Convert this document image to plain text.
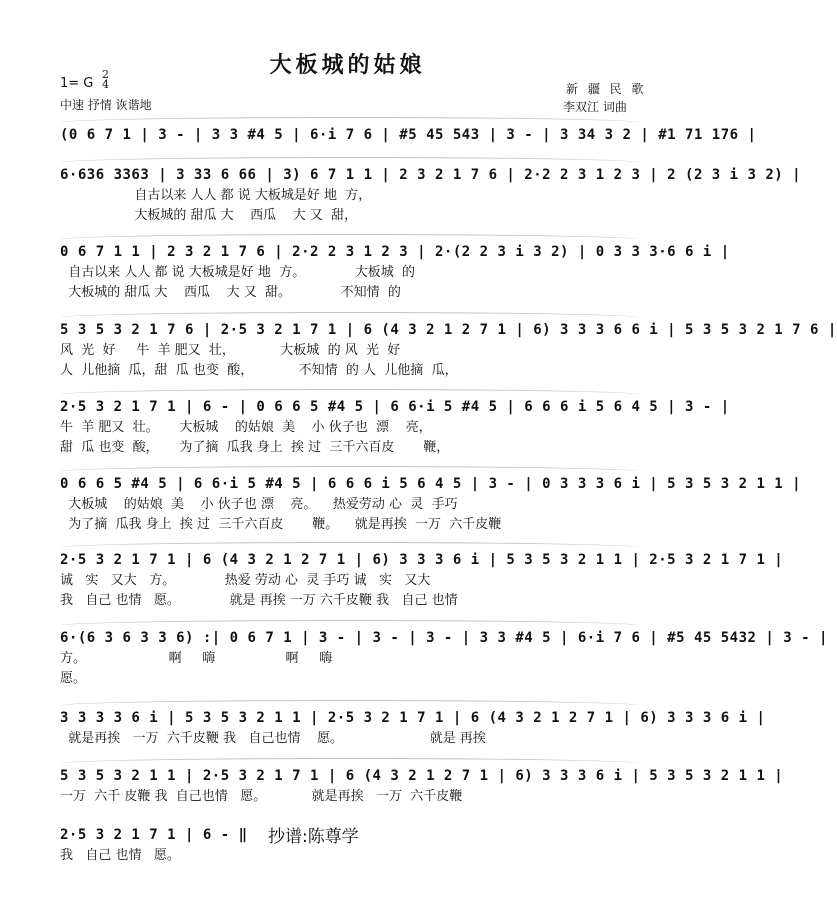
大板城的姑娘
1= G
2
4
中速 抒情 诙谐地
新 疆 民 歌
李双江 词曲
(0 6 7 1 | 3 - | 3 3 #4 5 | 6·i 7 6 | #5 45 543 | 3 - | 3 34 3 2 | #1 71 176 |
6·636 3363 | 3 33 6 66 | 3) 6 7 1 1 | 2 3 2 1 7 6 | 2·2 2 3 1 2 3 | 2 (2 3 i 3 2) |
自古以来 人人 都 说 大板城是好 地  方，
大板城的 甜瓜 大    西瓜    大 又  甜，
0 6 7 1 1 | 2 3 2 1 7 6 | 2·2 2 3 1 2 3 | 2·(2 2 3 i 3 2) | 0 3 3 3·6 6 i |
自古以来 人人 都 说 大板城是好 地  方。            大板城  的
大板城的 甜瓜 大    西瓜    大 又  甜。            不知情  的
5 3 5 3 2 1 7 6 | 2·5 3 2 1 7 1 | 6 (4 3 2 1 2 7 1 | 6) 3 3 3 6 6 i | 5 3 5 3 2 1 7 6 |
风  光  好     牛  羊 肥又  壮，           大板城  的 风  光  好
人  儿他摘  瓜，甜  瓜 也变  酸，           不知情  的 人  儿他摘  瓜，
2·5 3 2 1 7 1 | 6 - | 0 6 6 5 #4 5 | 6 6·i 5 #4 5 | 6 6 6 i 5 6 4 5 | 3 - |
牛  羊 肥又  壮。     大板城    的姑娘  美    小 伙子也  漂    亮，
甜  瓜 也变  酸，     为了摘  瓜我 身上  挨 过  三千六百皮       鞭，
0 6 6 5 #4 5 | 6 6·i 5 #4 5 | 6 6 6 i 5 6 4 5 | 3 - | 0 3 3 3 6 i | 5 3 5 3 2 1 1 |
大板城    的姑娘  美    小 伙子也 漂    亮。    热爱劳动 心  灵  手巧
为了摘  瓜我 身上  挨 过  三千六百皮       鞭。    就是再挨  一万  六千皮鞭
2·5 3 2 1 7 1 | 6 (4 3 2 1 2 7 1 | 6) 3 3 3 6 i | 5 3 5 3 2 1 1 | 2·5 3 2 1 7 1 |
诚   实   又大   方。            热爱 劳动 心  灵 手巧 诚   实   又大
我   自己 也情   愿。            就是 再挨 一万 六千皮鞭 我   自己 也情
6·(6 3 6 3 3 6) :| 0 6 7 1 | 3 - | 3 - | 3 - | 3 3 #4 5 | 6·i 7 6 | #5 45 5432 | 3 - |
方。                    啊     嗨                 啊     嗨
愿。
3 3 3 3 6 i | 5 3 5 3 2 1 1 | 2·5 3 2 1 7 1 | 6 (4 3 2 1 2 7 1 | 6) 3 3 3 6 i |
就是再挨   一万  六千皮鞭 我   自己也情    愿。                     就是 再挨
5 3 5 3 2 1 1 | 2·5 3 2 1 7 1 | 6 (4 3 2 1 2 7 1 | 6) 3 3 3 6 i | 5 3 5 3 2 1 1 |
一万  六千 皮鞭 我  自己也情   愿。           就是再挨   一万  六千皮鞭
2·5 3 2 1 7 1 | 6 - ‖
我   自己 也情   愿。
抄谱:陈尊学
